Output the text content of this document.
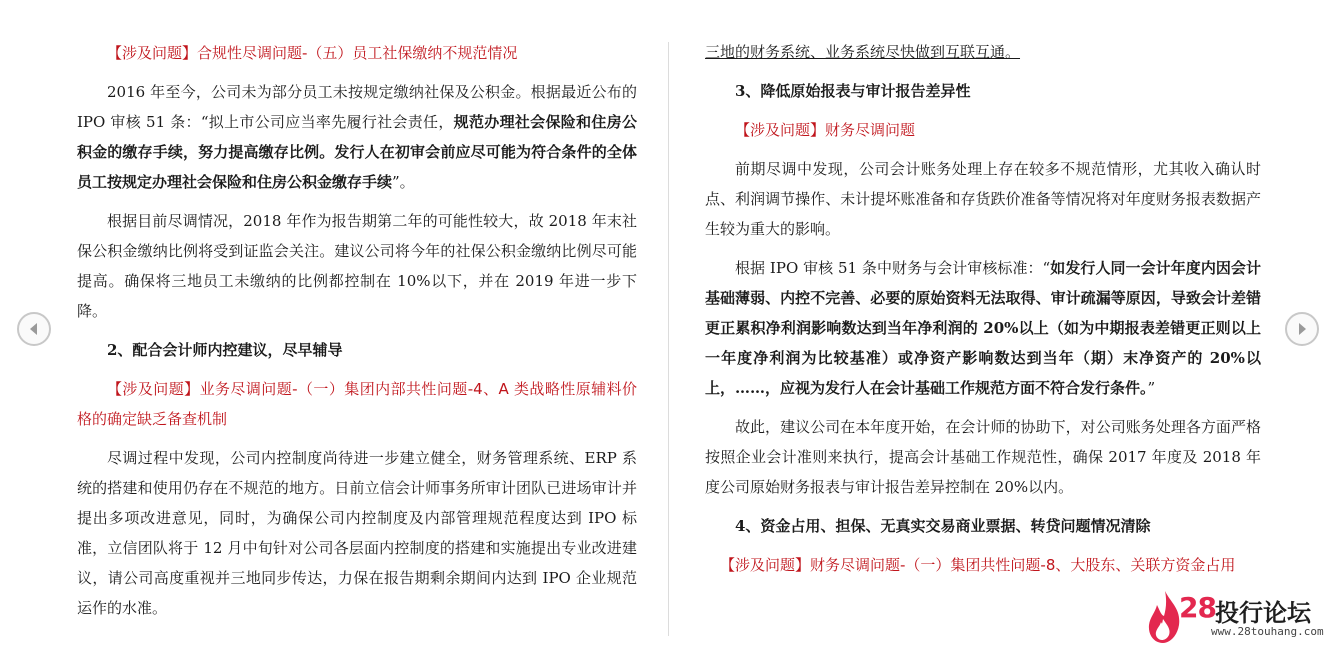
【涉及问题】合规性尽调问题-（五）员工社保缴纳不规范情况

2016 年至今，公司未为部分员工未按规定缴纳社保及公积金。根据最近公布的 IPO 审核 51 条：“拟上市公司应当率先履行社会责任，规范办理社会保险和住房公积金的缴存手续，努力提高缴存比例。发行人在初审会前应尽可能为符合条件的全体员工按规定办理社会保险和住房公积金缴存手续”。

根据目前尽调情况，2018 年作为报告期第二年的可能性较大，故 2018 年末社保公积金缴纳比例将受到证监会关注。建议公司将今年的社保公积金缴纳比例尽可能提高。确保将三地员工未缴纳的比例都控制在 10%以下，并在 2019 年进一步下降。

2、配合会计师内控建议，尽早辅导

【涉及问题】业务尽调问题-（一）集团内部共性问题-4、A 类战略性原辅料价格的确定缺乏备查机制

尽调过程中发现，公司内控制度尚待进一步建立健全，财务管理系统、ERP 系统的搭建和使用仍存在不规范的地方。日前立信会计师事务所审计团队已进场审计并提出多项改进意见，同时，为确保公司内控制度及内部管理规范程度达到 IPO 标准，立信团队将于 12 月中旬针对公司各层面内控制度的搭建和实施提出专业改进建议，请公司高度重视并三地同步传达，力保在报告期剩余期间内达到 IPO 企业规范运作的水准。

三地的财务系统、业务系统尽快做到互联互通。

3、降低原始报表与审计报告差异性

【涉及问题】财务尽调问题

前期尽调中发现，公司会计账务处理上存在较多不规范情形，尤其收入确认时点、利润调节操作、未计提坏账准备和存货跌价准备等情况将对年度财务报表数据产生较为重大的影响。

根据 IPO 审核 51 条中财务与会计审核标准：“如发行人同一会计年度内因会计基础薄弱、内控不完善、必要的原始资料无法取得、审计疏漏等原因，导致会计差错更正累积净利润影响数达到当年净利润的 20%以上（如为中期报表差错更正则以上一年度净利润为比较基准）或净资产影响数达到当年（期）末净资产的 20%以上，……，应视为发行人在会计基础工作规范方面不符合发行条件。”

故此，建议公司在本年度开始，在会计师的协助下，对公司账务处理各方面严格按照企业会计准则来执行，提高会计基础工作规范性，确保 2017 年度及 2018 年度公司原始财务报表与审计报告差异控制在 20%以内。

4、资金占用、担保、无真实交易商业票据、转贷问题情况清除

【涉及问题】财务尽调问题-（一）集团共性问题-8、大股东、关联方资金占用

28 投行论坛
www.28touhang.com
